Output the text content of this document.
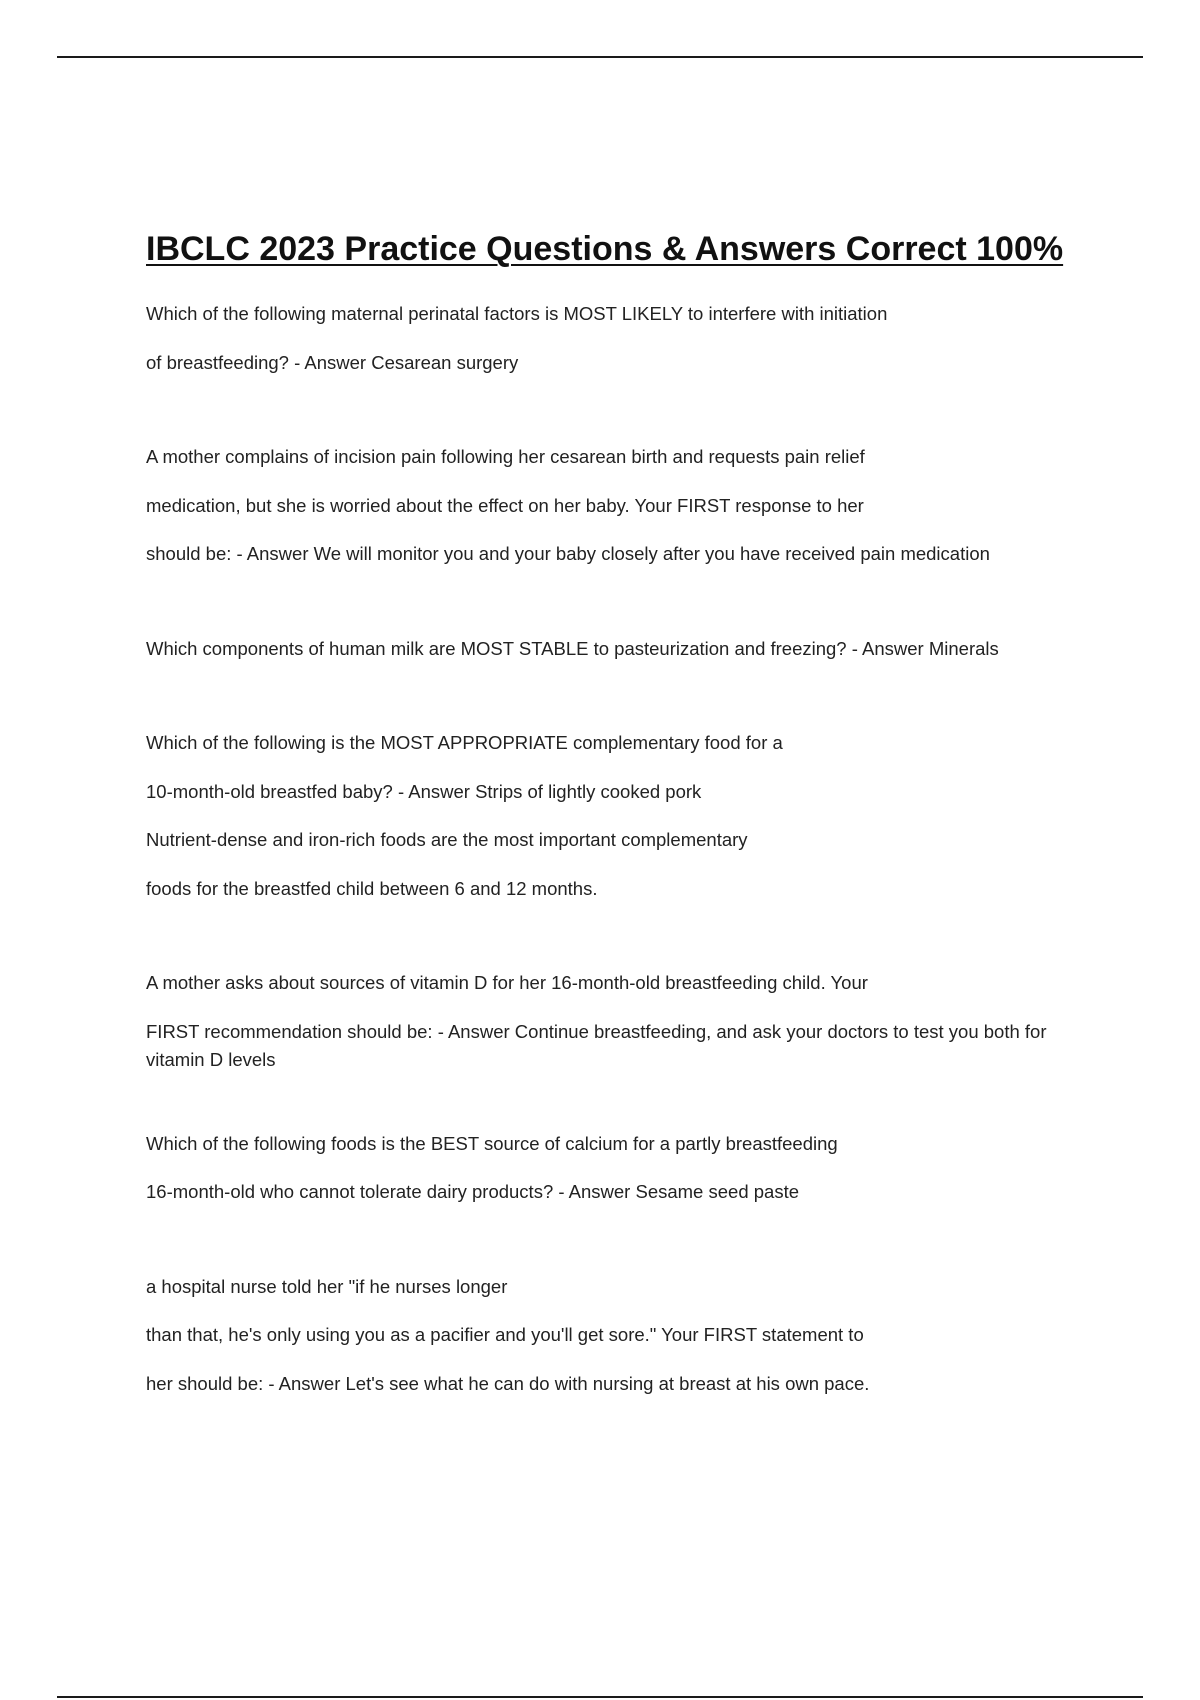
IBCLC 2023 Practice Questions & Answers Correct 100%
Which of the following maternal perinatal factors is MOST LIKELY to interfere with initiation
of breastfeeding? - Answer Cesarean surgery
A mother complains of incision pain following her cesarean birth and requests pain relief
medication, but she is worried about the effect on her baby. Your FIRST response to her
should be: - Answer We will monitor you and your baby closely after you have received pain medication
Which components of human milk are MOST STABLE to pasteurization and freezing? - Answer Minerals
Which of the following is the MOST APPROPRIATE complementary food for a
10-month-old breastfed baby? - Answer Strips of lightly cooked pork
Nutrient-dense and iron-rich foods are the most important complementary
foods for the breastfed child between 6 and 12 months.
A mother asks about sources of vitamin D for her 16-month-old breastfeeding child. Your
FIRST recommendation should be: - Answer Continue breastfeeding, and ask your doctors to test you both for vitamin D levels
Which of the following foods is the BEST source of calcium for a partly breastfeeding
16-month-old who cannot tolerate dairy products? - Answer Sesame seed paste
a hospital nurse told her "if he nurses longer
than that, he's only using you as a pacifier and you'll get sore." Your FIRST statement to
her should be: - Answer Let's see what he can do with nursing at breast at his own pace.
